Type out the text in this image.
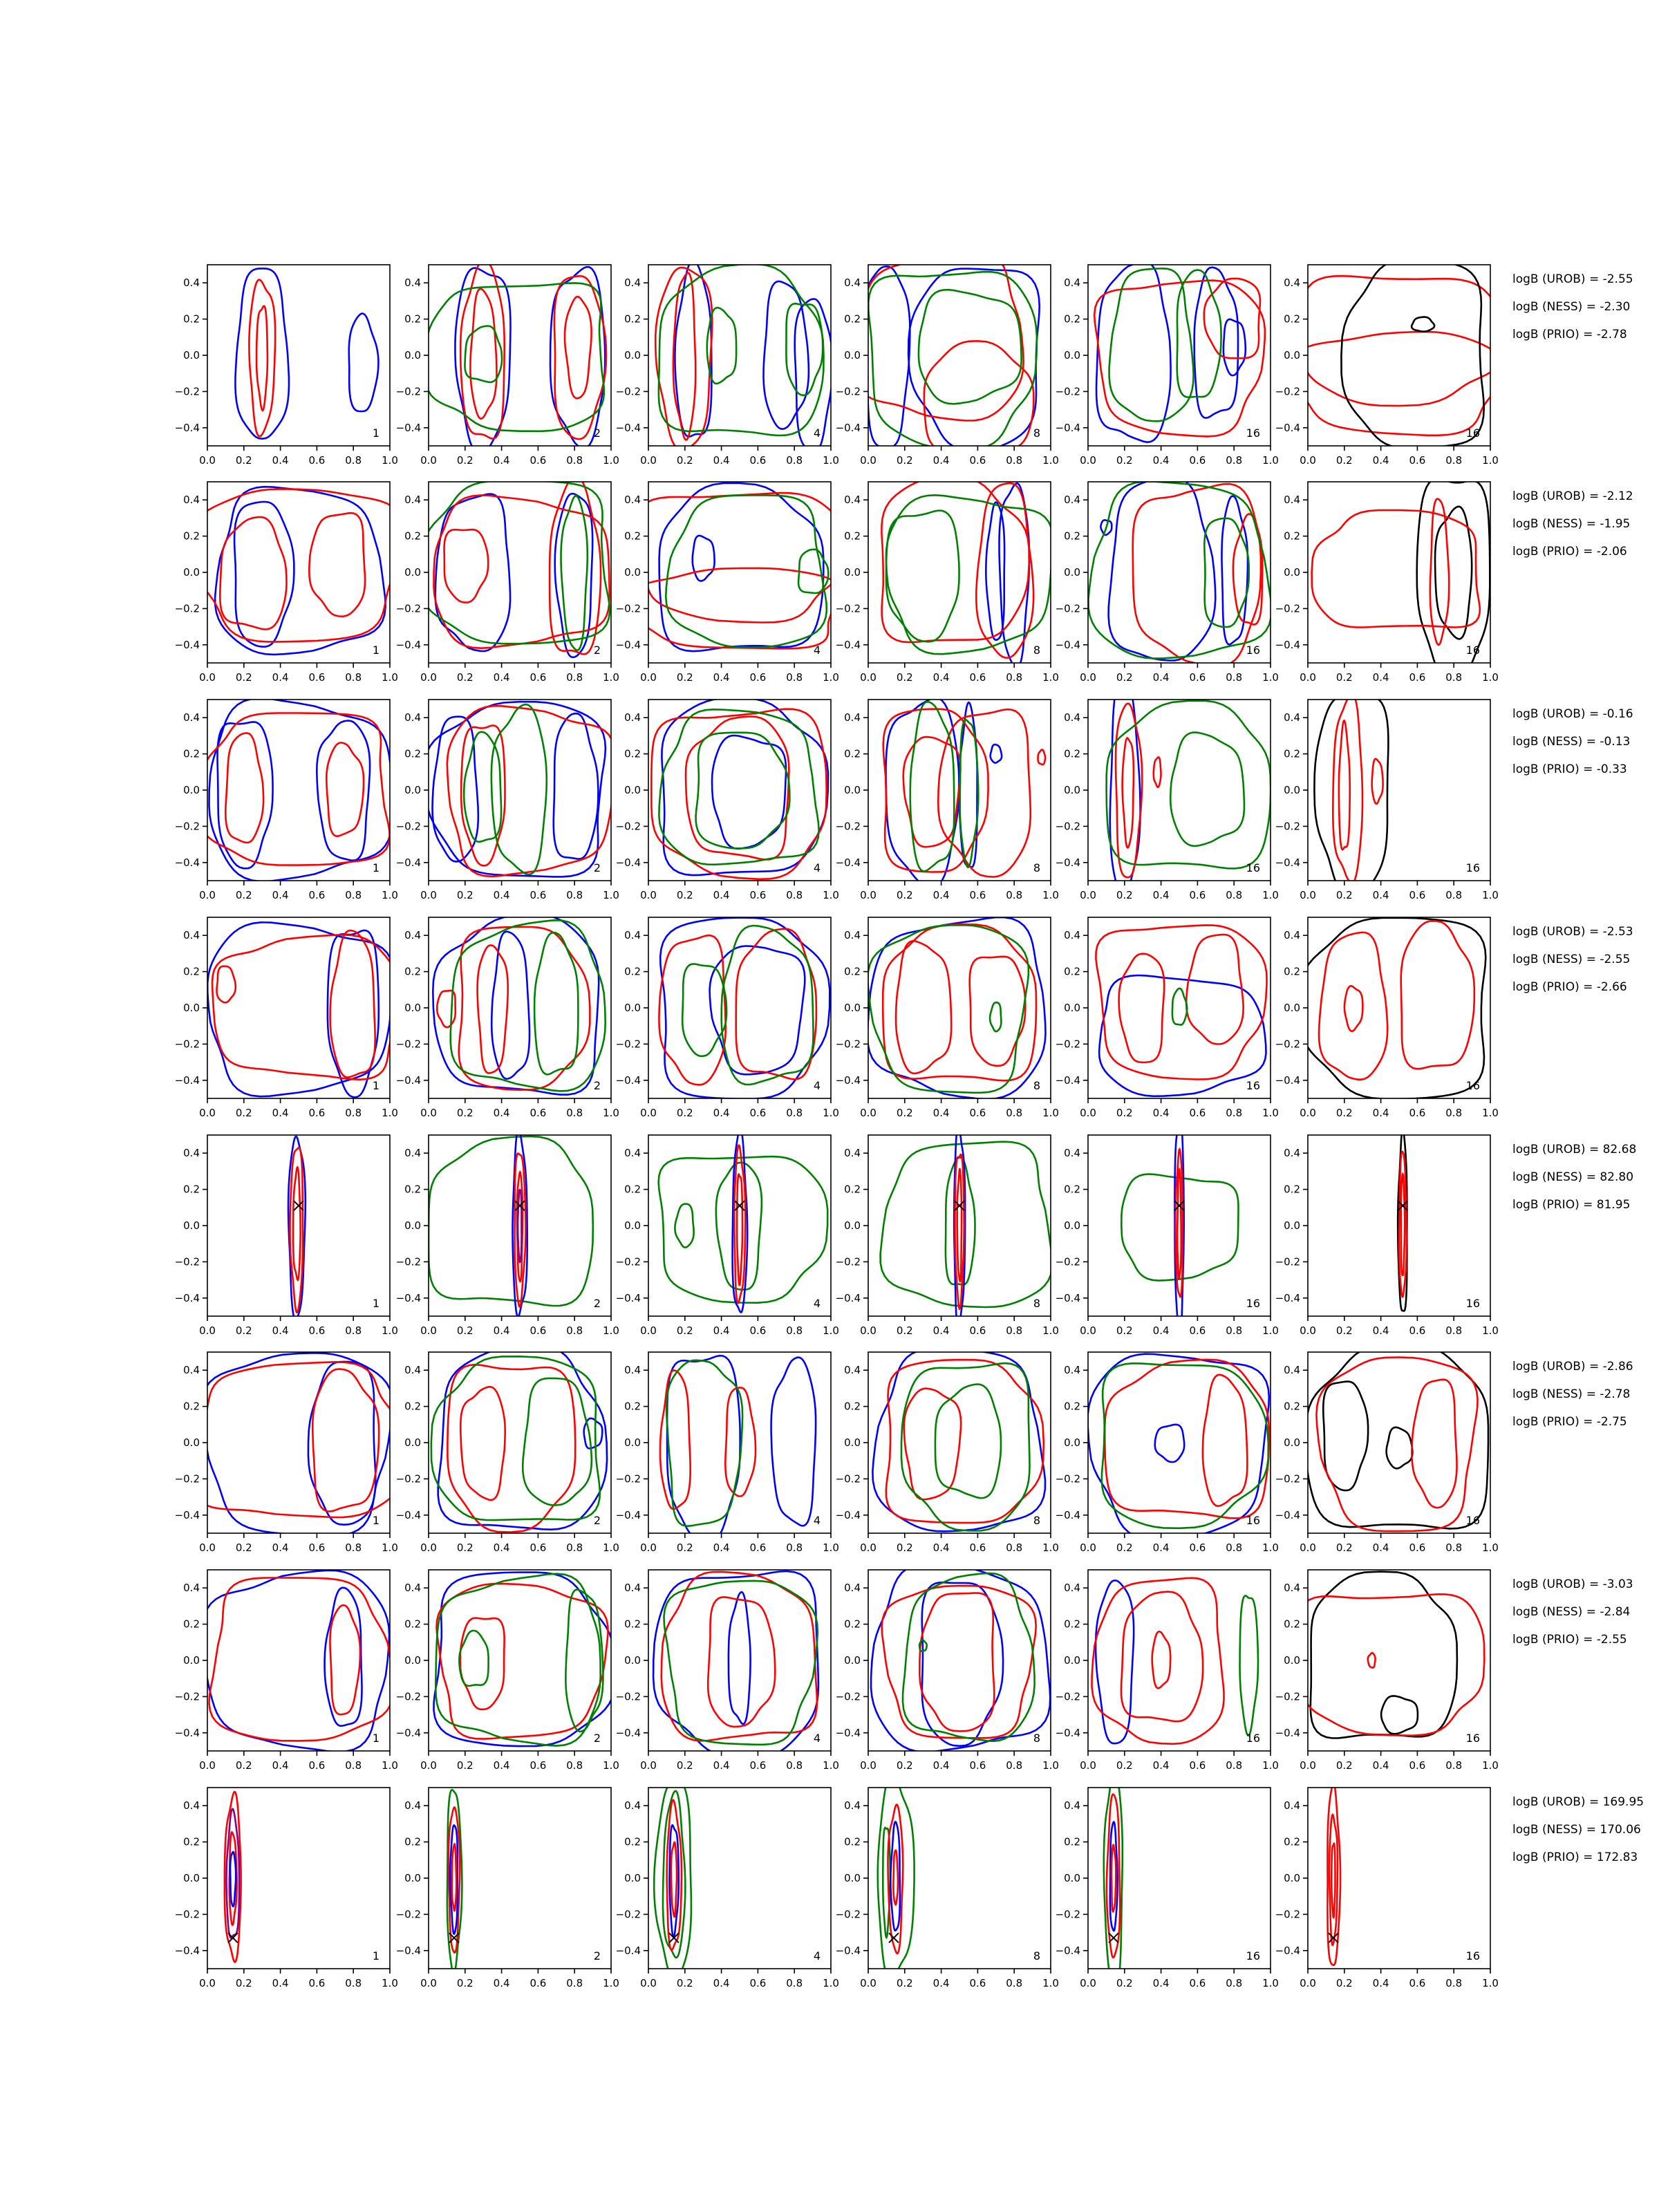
0.0 0.2 0.4 0.6 0.8 1.0
0.4
0.2
0.0
−0.2
−0.4	1
0.0 0.2 0.4 0.6 0.8 1.0
0.4
0.2
0.0
−0.2
−0.4	2
0.0 0.2 0.4 0.6 0.8 1.0
0.4
0.2
0.0
−0.2
−0.4	4
0.0 0.2 0.4 0.6 0.8 1.0
0.4
0.2
0.0
−0.2
−0.4	8
0.0 0.2 0.4 0.6 0.8 1.0
0.4
0.2
0.0
−0.2
−0.4	16
0.0 0.2 0.4 0.6 0.8 1.0
0.4
0.2
0.0
−0.2
−0.4	16
logB (UROB) = -2.55
logB (NESS) = -2.30
logB (PRIO) = -2.78
0.0 0.2 0.4 0.6 0.8 1.0
0.4
0.2
0.0
−0.2
−0.4	1
0.0 0.2 0.4 0.6 0.8 1.0
0.4
0.2
0.0
−0.2
−0.4	2
0.0 0.2 0.4 0.6 0.8 1.0
0.4
0.2
0.0
−0.2
−0.4	4
0.0 0.2 0.4 0.6 0.8 1.0
0.4
0.2
0.0
−0.2
−0.4	8
0.0 0.2 0.4 0.6 0.8 1.0
0.4
0.2
0.0
−0.2
−0.4	16
0.0 0.2 0.4 0.6 0.8 1.0
0.4
0.2
0.0
−0.2
−0.4	16
logB (UROB) = -2.12
logB (NESS) = -1.95
logB (PRIO) = -2.06
0.0 0.2 0.4 0.6 0.8 1.0
0.4
0.2
0.0
−0.2
−0.4	1
0.0 0.2 0.4 0.6 0.8 1.0
0.4
0.2
0.0
−0.2
−0.4	2
0.0 0.2 0.4 0.6 0.8 1.0
0.4
0.2
0.0
−0.2
−0.4	4
0.0 0.2 0.4 0.6 0.8 1.0
0.4
0.2
0.0
−0.2
−0.4	8
0.0 0.2 0.4 0.6 0.8 1.0
0.4
0.2
0.0
−0.2
−0.4	16
0.0 0.2 0.4 0.6 0.8 1.0
0.4
0.2
0.0
−0.2
−0.4	16
logB (UROB) = -0.16
logB (NESS) = -0.13
logB (PRIO) = -0.33
0.0 0.2 0.4 0.6 0.8 1.0
0.4
0.2
0.0
−0.2
−0.4	1
0.0 0.2 0.4 0.6 0.8 1.0
0.4
0.2
0.0
−0.2
−0.4	2
0.0 0.2 0.4 0.6 0.8 1.0
0.4
0.2
0.0
−0.2
−0.4	4
0.0 0.2 0.4 0.6 0.8 1.0
0.4
0.2
0.0
−0.2
−0.4	8
0.0 0.2 0.4 0.6 0.8 1.0
0.4
0.2
0.0
−0.2
−0.4	16
0.0 0.2 0.4 0.6 0.8 1.0
0.4
0.2
0.0
−0.2
−0.4	16
logB (UROB) = -2.53
logB (NESS) = -2.55
logB (PRIO) = -2.66
0.0 0.2 0.4 0.6 0.8 1.0
0.4
0.2
0.0
−0.2
−0.4	1
0.0 0.2 0.4 0.6 0.8 1.0
0.4
0.2
0.0
−0.2
−0.4	2
0.0 0.2 0.4 0.6 0.8 1.0
0.4
0.2
0.0
−0.2
−0.4	4
0.0 0.2 0.4 0.6 0.8 1.0
0.4
0.2
0.0
−0.2
−0.4	8
0.0 0.2 0.4 0.6 0.8 1.0
0.4
0.2
0.0
−0.2
−0.4	16
0.0 0.2 0.4 0.6 0.8 1.0
0.4
0.2
0.0
−0.2
−0.4	16
logB (UROB) = 82.68
logB (NESS) = 82.80
logB (PRIO) = 81.95
0.0 0.2 0.4 0.6 0.8 1.0
0.4
0.2
0.0
−0.2
−0.4	1
0.0 0.2 0.4 0.6 0.8 1.0
0.4
0.2
0.0
−0.2
−0.4	2
0.0 0.2 0.4 0.6 0.8 1.0
0.4
0.2
0.0
−0.2
−0.4	4
0.0 0.2 0.4 0.6 0.8 1.0
0.4
0.2
0.0
−0.2
−0.4	8
0.0 0.2 0.4 0.6 0.8 1.0
0.4
0.2
0.0
−0.2
−0.4	16
0.0 0.2 0.4 0.6 0.8 1.0
0.4
0.2
0.0
−0.2
−0.4	16
logB (UROB) = -2.86
logB (NESS) = -2.78
logB (PRIO) = -2.75
0.0 0.2 0.4 0.6 0.8 1.0
0.4
0.2
0.0
−0.2
−0.4	1
0.0 0.2 0.4 0.6 0.8 1.0
0.4
0.2
0.0
−0.2
−0.4	2
0.0 0.2 0.4 0.6 0.8 1.0
0.4
0.2
0.0
−0.2
−0.4	4
0.0 0.2 0.4 0.6 0.8 1.0
0.4
0.2
0.0
−0.2
−0.4	8
0.0 0.2 0.4 0.6 0.8 1.0
0.4
0.2
0.0
−0.2
−0.4	16
0.0 0.2 0.4 0.6 0.8 1.0
0.4
0.2
0.0
−0.2
−0.4	16
logB (UROB) = -3.03
logB (NESS) = -2.84
logB (PRIO) = -2.55
0.0 0.2 0.4 0.6 0.8 1.0
0.4
0.2
0.0
−0.2
−0.4	1
0.0 0.2 0.4 0.6 0.8 1.0
0.4
0.2
0.0
−0.2
−0.4	2
0.0 0.2 0.4 0.6 0.8 1.0
0.4
0.2
0.0
−0.2
−0.4	4
0.0 0.2 0.4 0.6 0.8 1.0
0.4
0.2
0.0
−0.2
−0.4	8
0.0 0.2 0.4 0.6 0.8 1.0
0.4
0.2
0.0
−0.2
−0.4	16
0.0 0.2 0.4 0.6 0.8 1.0
0.4
0.2
0.0
−0.2
−0.4	16
logB (UROB) = 169.95
logB (NESS) = 170.06
logB (PRIO) = 172.83
